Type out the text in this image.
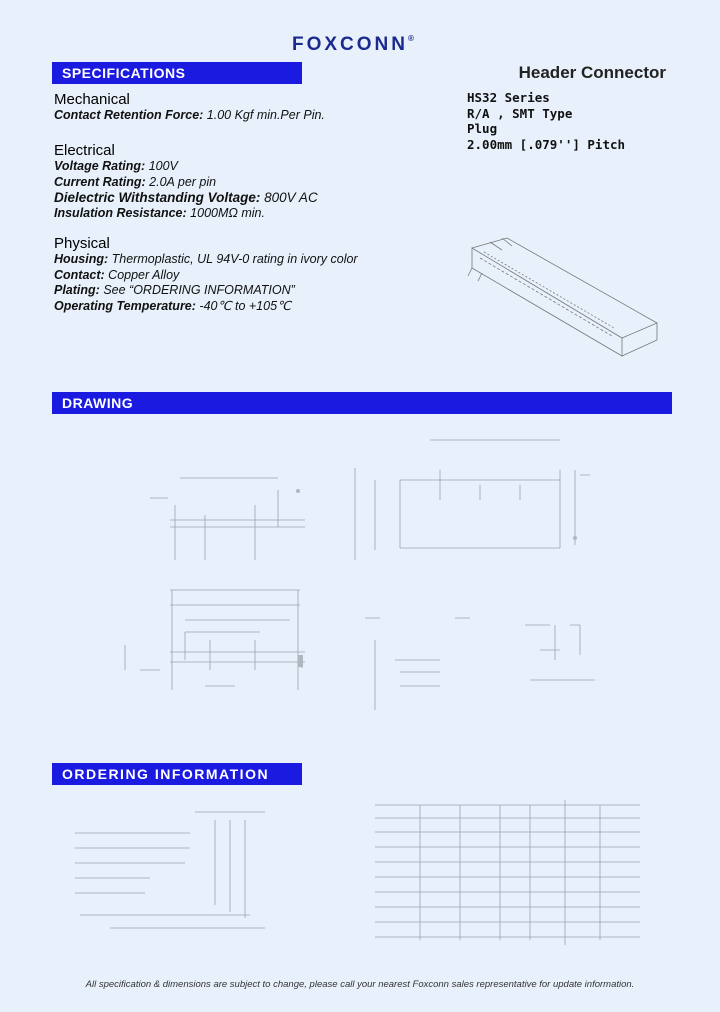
FOXCONN®
SPECIFICATIONS	Header Connector
HS32 Series
R/A , SMT Type
Plug
2.00mm [.079''] Pitch
Mechanical
Contact Retention Force: 1.00 Kgf min.Per Pin.
Electrical
Voltage Rating: 100V
Current Rating: 2.0A per pin
Dielectric Withstanding Voltage: 800V AC
Insulation Resistance: 1000MΩ min.
Physical
Housing: Thermoplastic, UL 94V-0 rating in ivory color
Contact: Copper Alloy
Plating: See “ORDERING INFORMATION”
Operating Temperature: -40℃ to +105℃
DRAWING
ORDERING INFORMATION
All specification & dimensions are subject to change, please call your nearest Foxconn sales representative for update information.
